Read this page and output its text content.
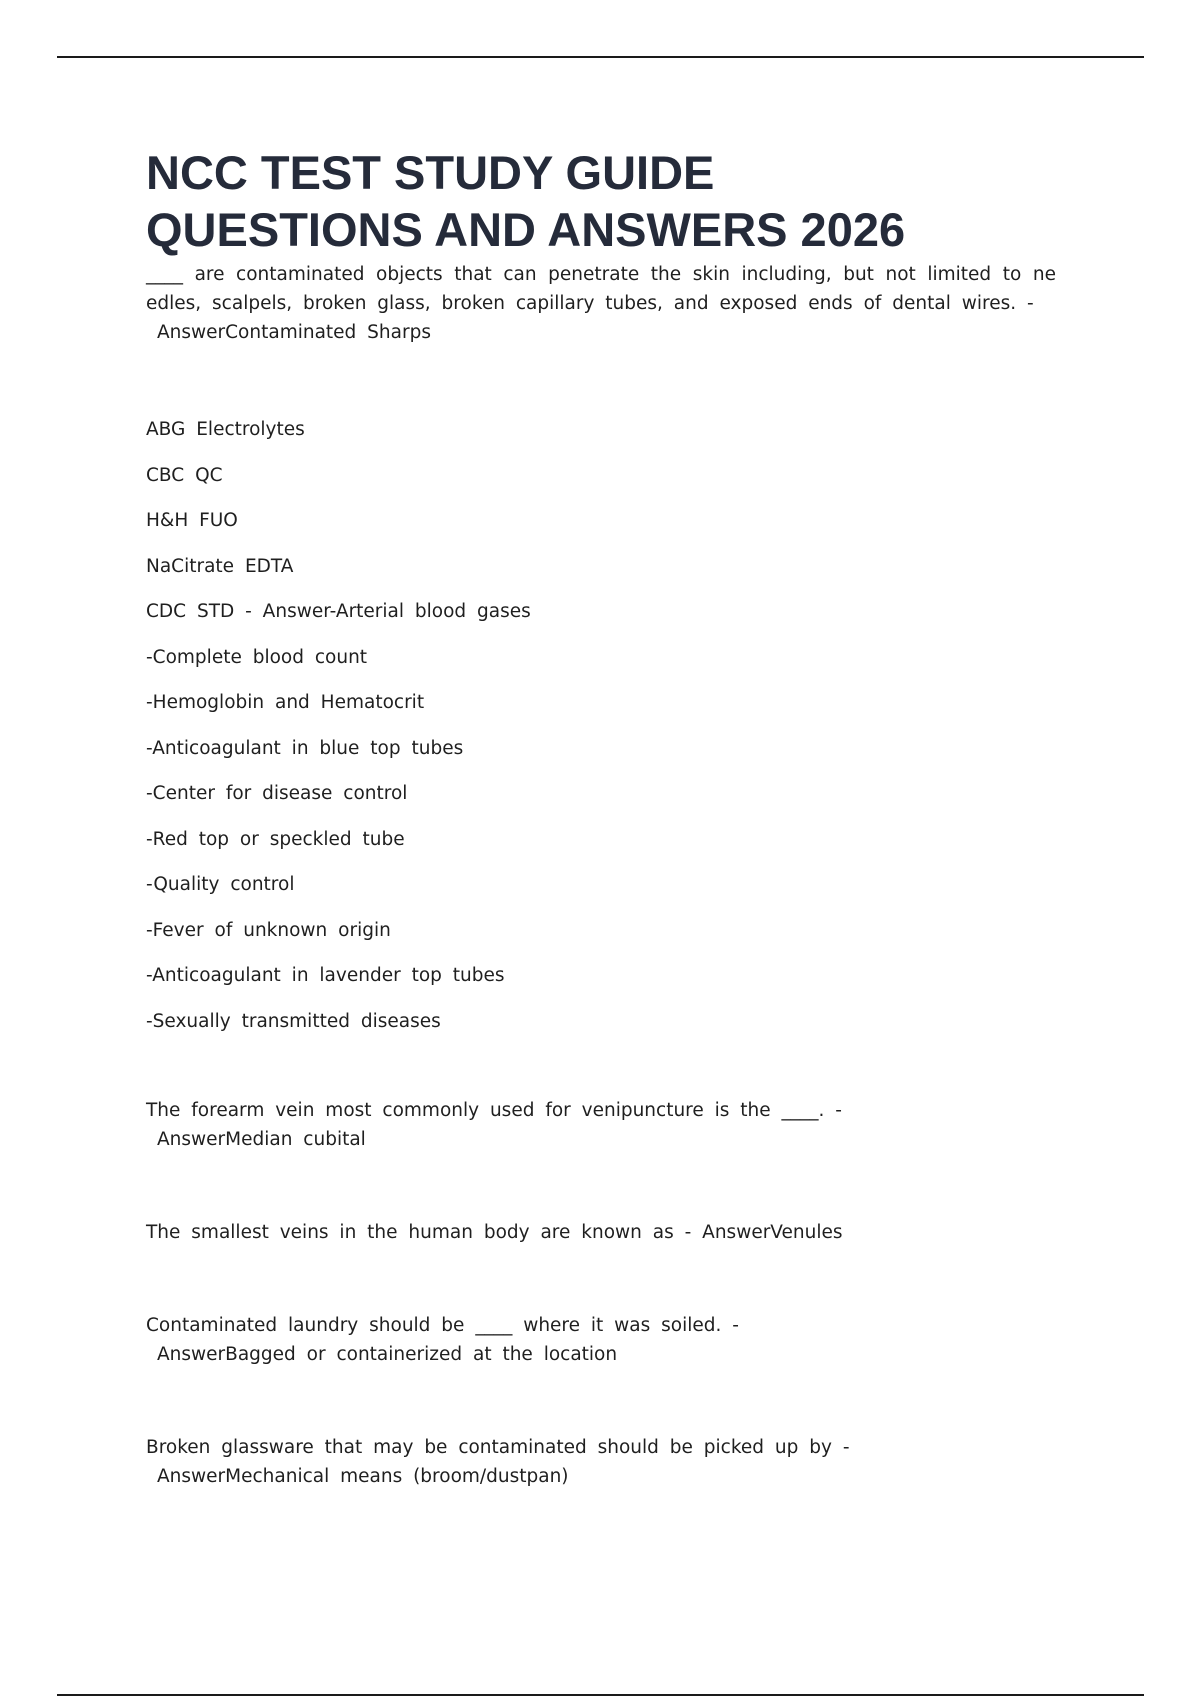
NCC TEST STUDY GUIDE
QUESTIONS AND ANSWERS 2026
____ are contaminated objects that can penetrate the skin including, but not limited to needles, scalpels, broken glass, broken capillary tubes, and exposed ends of dental wires. -
AnswerContaminated Sharps
ABG Electrolytes
CBC QC
H&H FUO
NaCitrate EDTA
CDC STD - Answer-Arterial blood gases
-Complete blood count
-Hemoglobin and Hematocrit
-Anticoagulant in blue top tubes
-Center for disease control
-Red top or speckled tube
-Quality control
-Fever of unknown origin
-Anticoagulant in lavender top tubes
-Sexually transmitted diseases
The forearm vein most commonly used for venipuncture is the ____. -
AnswerMedian cubital
The smallest veins in the human body are known as - AnswerVenules
Contaminated laundry should be ____ where it was soiled. -
AnswerBagged or containerized at the location
Broken glassware that may be contaminated should be picked up by -
AnswerMechanical means (broom/dustpan)
